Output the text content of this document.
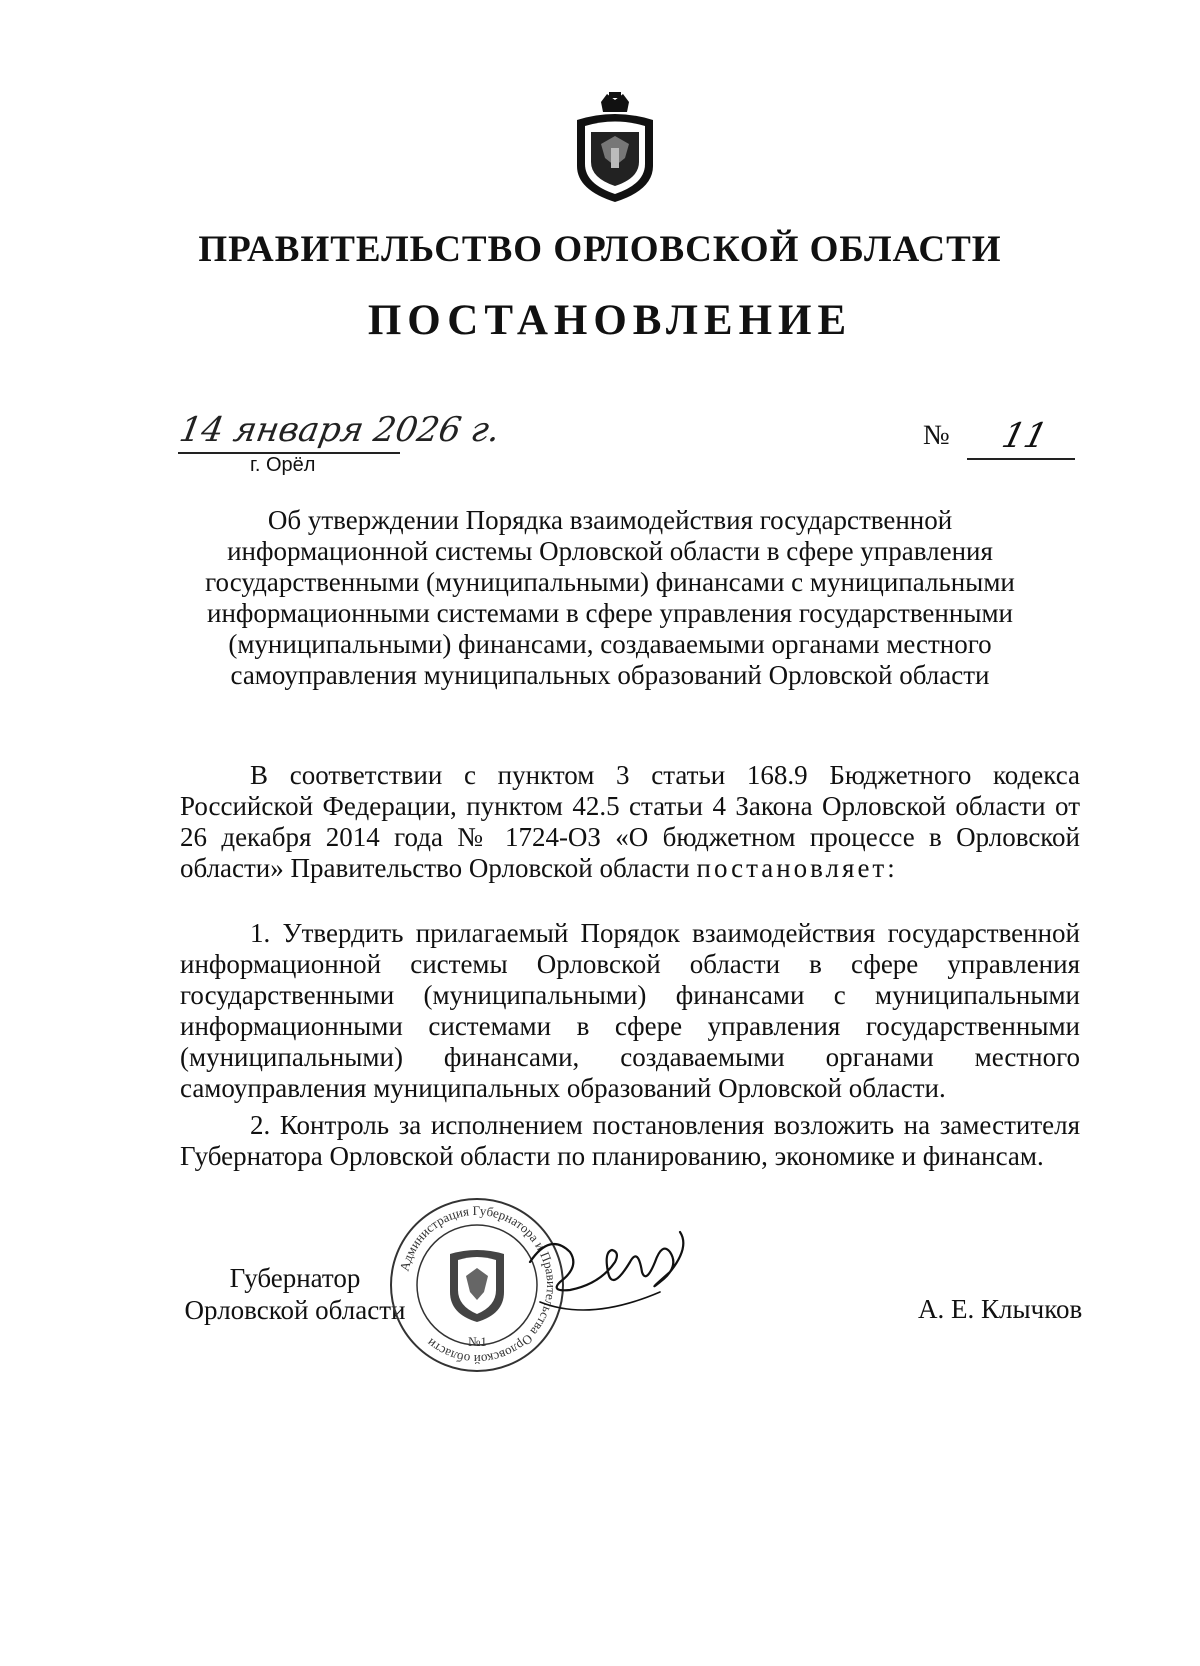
ПРАВИТЕЛЬСТВО ОРЛОВСКОЙ ОБЛАСТИ
ПОСТАНОВЛЕНИЕ
14 января 2026 г.
г. Орёл
№ 11
Об утверждении Порядка взаимодействия государственной информационной системы Орловской области в сфере управления государственными (муниципальными) финансами с муниципальными информационными системами в сфере управления государственными (муниципальными) финансами, создаваемыми органами местного самоуправления муниципальных образований Орловской области
В соответствии с пунктом 3 статьи 168.9 Бюджетного кодекса Российской Федерации, пунктом 42.5 статьи 4 Закона Орловской области от 26 декабря 2014 года № 1724-ОЗ «О бюджетном процессе в Орловской области» Правительство Орловской области постановляет:
1. Утвердить прилагаемый Порядок взаимодействия государственной информационной системы Орловской области в сфере управления государственными (муниципальными) финансами с муниципальными информационными системами в сфере управления государственными (муниципальными) финансами, создаваемыми органами местного самоуправления муниципальных образований Орловской области.
2. Контроль за исполнением постановления возложить на заместителя Губернатора Орловской области по планированию, экономике и финансам.
Губернатор
Орловской области
Администрация Губернатора и Правительства Орловской области	№1
А. Е. Клычков
